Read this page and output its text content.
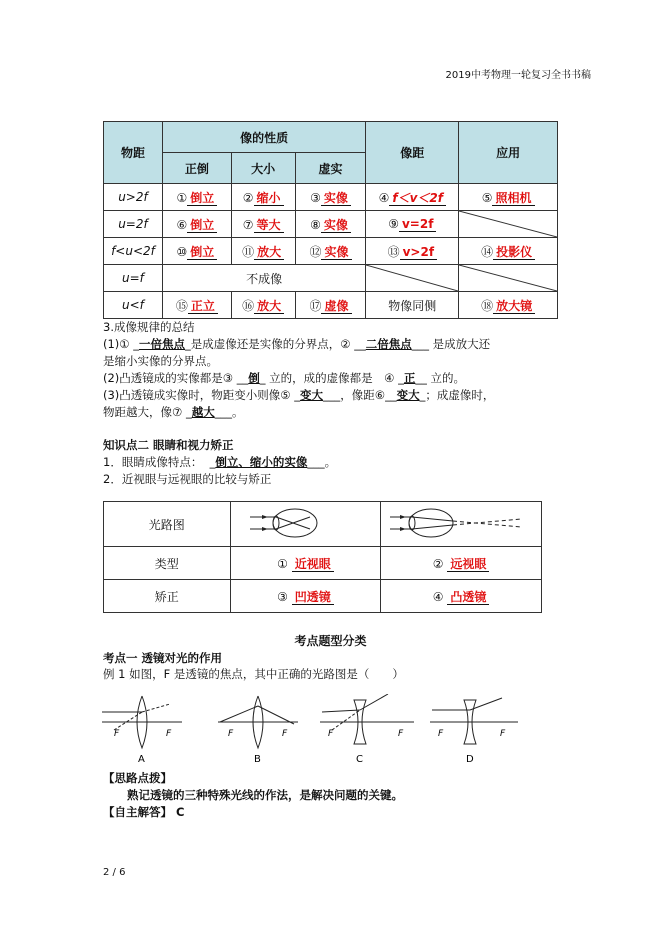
2019中考物理一轮复习全书书稿
物距	像的性质			像距	应用
	正倒	大小	虚实		
u>2f	① 倒立	② 缩小	③ 实像	④ f＜v＜2f	⑤ 照相机
u=2f	⑥ 倒立	⑦ 等大	⑧ 实像	⑨ v=2f	

f<u<2f	⑩ 倒立	⑪ 放大	⑫ 实像	⑬ v>2f	⑭ 投影仪
u=f	不成像	

u<f	⑮ 正立	⑯ 放大	⑰ 虚像	物像同侧	⑱ 放大镜
3.成像规律的总结
(1)① _一倍焦点_是成虚像还是实像的分界点，② __二倍焦点___ 是成放大还
是缩小实像的分界点。
(2)凸透镜成的实像都是③ __倒_ 立的，成的虚像都是　④ _正__ 立的。
(3)凸透镜成实像时，物距变小则像⑤ _变大___，像距⑥__变大_；成虚像时，
物距越大，像⑦ _越大___。
知识点二 眼睛和视力矫正
1．眼睛成像特点：  _倒立、缩小的实像___。
2．近视眼与远视眼的比较与矫正
光路图		
类型	① 近视眼	② 远视眼
矫正	③ 凹透镜	④ 凸透镜
考点题型分类
考点一 透镜对光的作用
例 1 如图，F 是透镜的焦点，其中正确的光路图是（　　）
F	F
A
F	F
B
F	F
C
F	F
D
【思路点拨】
熟记透镜的三种特殊光线的作法，是解决问题的关键。
【自主解答】 C
2 / 6
